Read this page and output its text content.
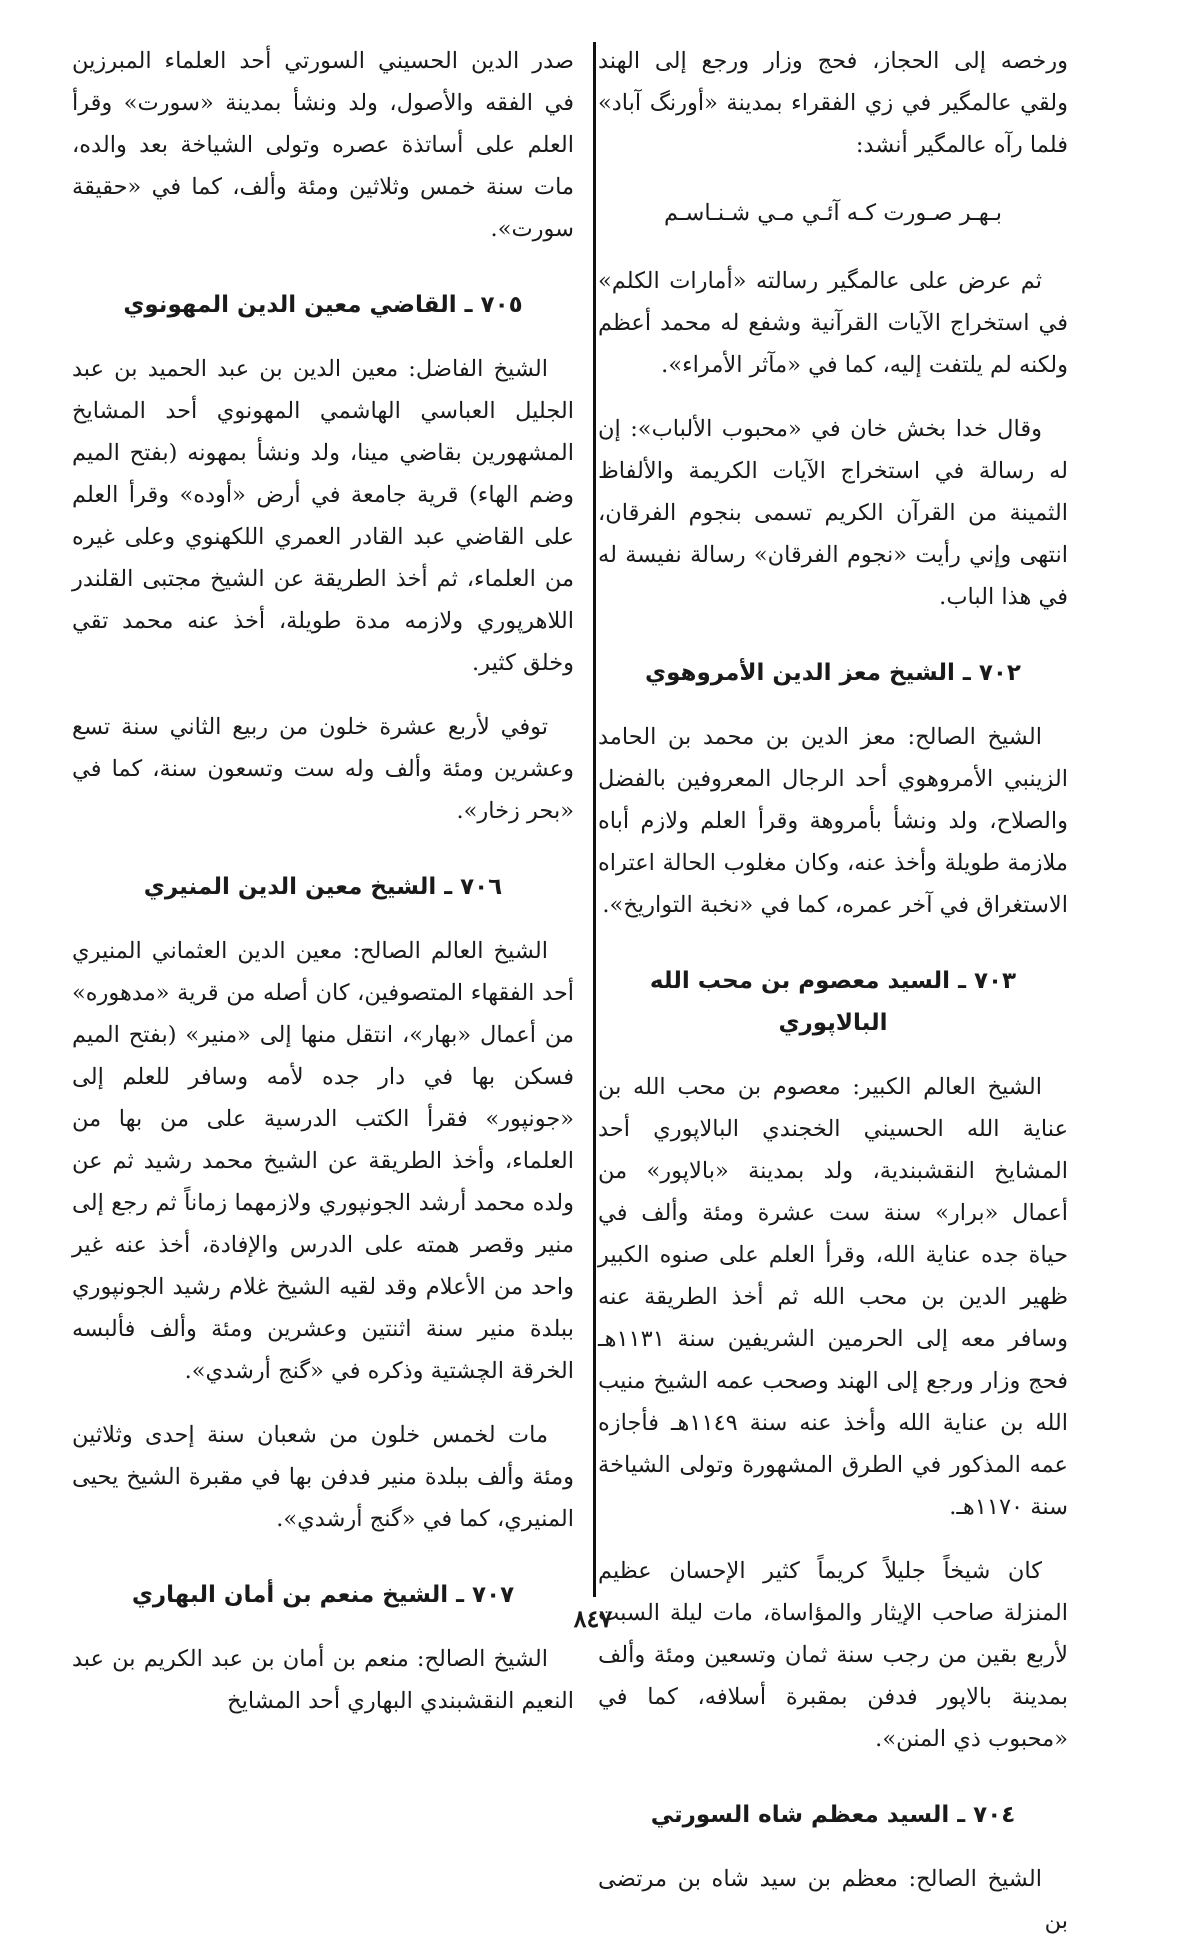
ورخصه إلى الحجاز، فحج وزار ورجع إلى الهند ولقي عالمگير في زي الفقراء بمدينة «أورنگ آباد» فلما رآه عالمگير أنشد:

بـهـر صـورت كـه آئـي مـي شـنـاسـم

ثم عرض على عالمگير رسالته «أمارات الكلم» في استخراج الآيات القرآنية وشفع له محمد أعظم ولكنه لم يلتفت إليه، كما في «مآثر الأمراء».

وقال خدا بخش خان في «محبوب الألباب»: إن له رسالة في استخراج الآيات الكريمة والألفاظ الثمينة من القرآن الكريم تسمى بنجوم الفرقان، انتهى وإني رأيت «نجوم الفرقان» رسالة نفيسة له في هذا الباب.

٧٠٢ ـ الشيخ معز الدين الأمروهوي

الشيخ الصالح: معز الدين بن محمد بن الحامد الزينبي الأمروهوي أحد الرجال المعروفين بالفضل والصلاح، ولد ونشأ بأمروهة وقرأ العلم ولازم أباه ملازمة طويلة وأخذ عنه، وكان مغلوب الحالة اعتراه الاستغراق في آخر عمره، كما في «نخبة التواريخ».

٧٠٣ ـ السيد معصوم بن محب الله البالاپوري

الشيخ العالم الكبير: معصوم بن محب الله بن عناية الله الحسيني الخجندي البالاپوري أحد المشايخ النقشبندية، ولد بمدينة «بالاپور» من أعمال «برار» سنة ست عشرة ومئة وألف في حياة جده عناية الله، وقرأ العلم على صنوه الكبير ظهير الدين بن محب الله ثم أخذ الطريقة عنه وسافر معه إلى الحرمين الشريفين سنة ١١٣١هـ فحج وزار ورجع إلى الهند وصحب عمه الشيخ منيب الله بن عناية الله وأخذ عنه سنة ١١٤٩هـ فأجازه عمه المذكور في الطرق المشهورة وتولى الشياخة سنة ١١٧٠هـ.

كان شيخاً جليلاً كريماً كثير الإحسان عظيم المنزلة صاحب الإيثار والمؤاساة، مات ليلة السبت لأربع بقين من رجب سنة ثمان وتسعين ومئة وألف بمدينة بالاپور فدفن بمقبرة أسلافه، كما في «محبوب ذي المنن».

٧٠٤ ـ السيد معظم شاه السورتي

الشيخ الصالح: معظم بن سيد شاه بن مرتضى بن

صدر الدين الحسيني السورتي أحد العلماء المبرزين في الفقه والأصول، ولد ونشأ بمدينة «سورت» وقرأ العلم على أساتذة عصره وتولى الشياخة بعد والده، مات سنة خمس وثلاثين ومئة وألف، كما في «حقيقة سورت».

٧٠٥ ـ القاضي معين الدين المهونوي

الشيخ الفاضل: معين الدين بن عبد الحميد بن عبد الجليل العباسي الهاشمي المهونوي أحد المشايخ المشهورين بقاضي مينا، ولد ونشأ بمهونه (بفتح الميم وضم الهاء) قرية جامعة في أرض «أوده» وقرأ العلم على القاضي عبد القادر العمري اللكهنوي وعلى غيره من العلماء، ثم أخذ الطريقة عن الشيخ مجتبى القلندر اللاهرپوري ولازمه مدة طويلة، أخذ عنه محمد تقي وخلق كثير.

توفي لأربع عشرة خلون من ربيع الثاني سنة تسع وعشرين ومئة وألف وله ست وتسعون سنة، كما في «بحر زخار».

٧٠٦ ـ الشيخ معين الدين المنيري

الشيخ العالم الصالح: معين الدين العثماني المنيري أحد الفقهاء المتصوفين، كان أصله من قرية «مدهوره» من أعمال «بهار»، انتقل منها إلى «منير» (بفتح الميم فسكن بها في دار جده لأمه وسافر للعلم إلى «جونپور» فقرأ الكتب الدرسية على من بها من العلماء، وأخذ الطريقة عن الشيخ محمد رشيد ثم عن ولده محمد أرشد الجونپوري ولازمهما زماناً ثم رجع إلى منير وقصر همته على الدرس والإفادة، أخذ عنه غير واحد من الأعلام وقد لقيه الشيخ غلام رشيد الجونپوري ببلدة منير سنة اثنتين وعشرين ومئة وألف فألبسه الخرقة الچشتية وذكره في «گنج أرشدي».

مات لخمس خلون من شعبان سنة إحدى وثلاثين ومئة وألف ببلدة منير فدفن بها في مقبرة الشيخ يحيى المنيري، كما في «گنج أرشدي».

٧٠٧ ـ الشيخ منعم بن أمان البهاري

الشيخ الصالح: منعم بن أمان بن عبد الكريم بن عبد النعيم النقشبندي البهاري أحد المشايخ

٨٤٧
